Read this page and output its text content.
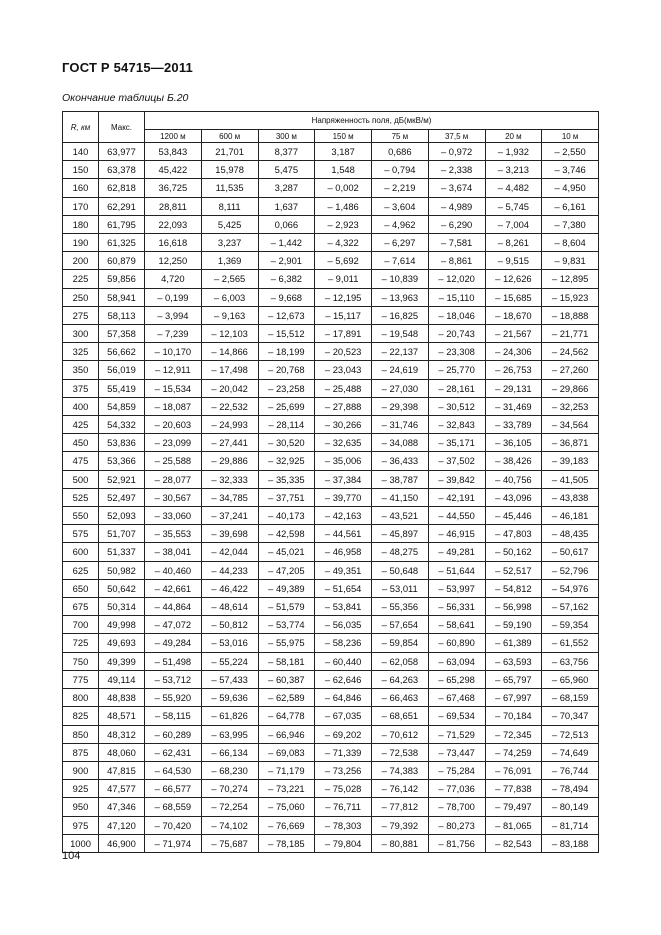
ГОСТ Р 54715—2011
Окончание таблицы Б.20
R, км	Макс.	Напряженность поля, дБ(мкВ/м)							
		1200 м	600 м	300 м	150 м	75 м	37,5 м	20 м	10 м
140	63,977	53,843	21,701	8,377	3,187	0,686	– 0,972	– 1,932	– 2,550
150	63,378	45,422	15,978	5,475	1,548	– 0,794	– 2,338	– 3,213	– 3,746
160	62,818	36,725	11,535	3,287	– 0,002	– 2,219	– 3,674	– 4,482	– 4,950
170	62,291	28,811	8,111	1,637	– 1,486	– 3,604	– 4,989	– 5,745	– 6,161
180	61,795	22,093	5,425	0,066	– 2,923	– 4,962	– 6,290	– 7,004	– 7,380
190	61,325	16,618	3,237	– 1,442	– 4,322	– 6,297	– 7,581	– 8,261	– 8,604
200	60,879	12,250	1,369	– 2,901	– 5,692	– 7,614	– 8,861	– 9,515	– 9,831
225	59,856	4,720	– 2,565	– 6,382	– 9,011	– 10,839	– 12,020	– 12,626	– 12,895
250	58,941	– 0,199	– 6,003	– 9,668	– 12,195	– 13,963	– 15,110	– 15,685	– 15,923
275	58,113	– 3,994	– 9,163	– 12,673	– 15,117	– 16,825	– 18,046	– 18,670	– 18,888
300	57,358	– 7,239	– 12,103	– 15,512	– 17,891	– 19,548	– 20,743	– 21,567	– 21,771
325	56,662	– 10,170	– 14,866	– 18,199	– 20,523	– 22,137	– 23,308	– 24,306	– 24,562
350	56,019	– 12,911	– 17,498	– 20,768	– 23,043	– 24,619	– 25,770	– 26,753	– 27,260
375	55,419	– 15,534	– 20,042	– 23,258	– 25,488	– 27,030	– 28,161	– 29,131	– 29,866
400	54,859	– 18,087	– 22,532	– 25,699	– 27,888	– 29,398	– 30,512	– 31,469	– 32,253
425	54,332	– 20,603	– 24,993	– 28,114	– 30,266	– 31,746	– 32,843	– 33,789	– 34,564
450	53,836	– 23,099	– 27,441	– 30,520	– 32,635	– 34,088	– 35,171	– 36,105	– 36,871
475	53,366	– 25,588	– 29,886	– 32,925	– 35,006	– 36,433	– 37,502	– 38,426	– 39,183
500	52,921	– 28,077	– 32,333	– 35,335	– 37,384	– 38,787	– 39,842	– 40,756	– 41,505
525	52,497	– 30,567	– 34,785	– 37,751	– 39,770	– 41,150	– 42,191	– 43,096	– 43,838
550	52,093	– 33,060	– 37,241	– 40,173	– 42,163	– 43,521	– 44,550	– 45,446	– 46,181
575	51,707	– 35,553	– 39,698	– 42,598	– 44,561	– 45,897	– 46,915	– 47,803	– 48,435
600	51,337	– 38,041	– 42,044	– 45,021	– 46,958	– 48,275	– 49,281	– 50,162	– 50,617
625	50,982	– 40,460	– 44,233	– 47,205	– 49,351	– 50,648	– 51,644	– 52,517	– 52,796
650	50,642	– 42,661	– 46,422	– 49,389	– 51,654	– 53,011	– 53,997	– 54,812	– 54,976
675	50,314	– 44,864	– 48,614	– 51,579	– 53,841	– 55,356	– 56,331	– 56,998	– 57,162
700	49,998	– 47,072	– 50,812	– 53,774	– 56,035	– 57,654	– 58,641	– 59,190	– 59,354
725	49,693	– 49,284	– 53,016	– 55,975	– 58,236	– 59,854	– 60,890	– 61,389	– 61,552
750	49,399	– 51,498	– 55,224	– 58,181	– 60,440	– 62,058	– 63,094	– 63,593	– 63,756
775	49,114	– 53,712	– 57,433	– 60,387	– 62,646	– 64,263	– 65,298	– 65,797	– 65,960
800	48,838	– 55,920	– 59,636	– 62,589	– 64,846	– 66,463	– 67,468	– 67,997	– 68,159
825	48,571	– 58,115	– 61,826	– 64,778	– 67,035	– 68,651	– 69,534	– 70,184	– 70,347
850	48,312	– 60,289	– 63,995	– 66,946	– 69,202	– 70,612	– 71,529	– 72,345	– 72,513
875	48,060	– 62,431	– 66,134	– 69,083	– 71,339	– 72,538	– 73,447	– 74,259	– 74,649
900	47,815	– 64,530	– 68,230	– 71,179	– 73,256	– 74,383	– 75,284	– 76,091	– 76,744
925	47,577	– 66,577	– 70,274	– 73,221	– 75,028	– 76,142	– 77,036	– 77,838	– 78,494
950	47,346	– 68,559	– 72,254	– 75,060	– 76,711	– 77,812	– 78,700	– 79,497	– 80,149
975	47,120	– 70,420	– 74,102	– 76,669	– 78,303	– 79,392	– 80,273	– 81,065	– 81,714
1000	46,900	– 71,974	– 75,687	– 78,185	– 79,804	– 80,881	– 81,756	– 82,543	– 83,188
104
